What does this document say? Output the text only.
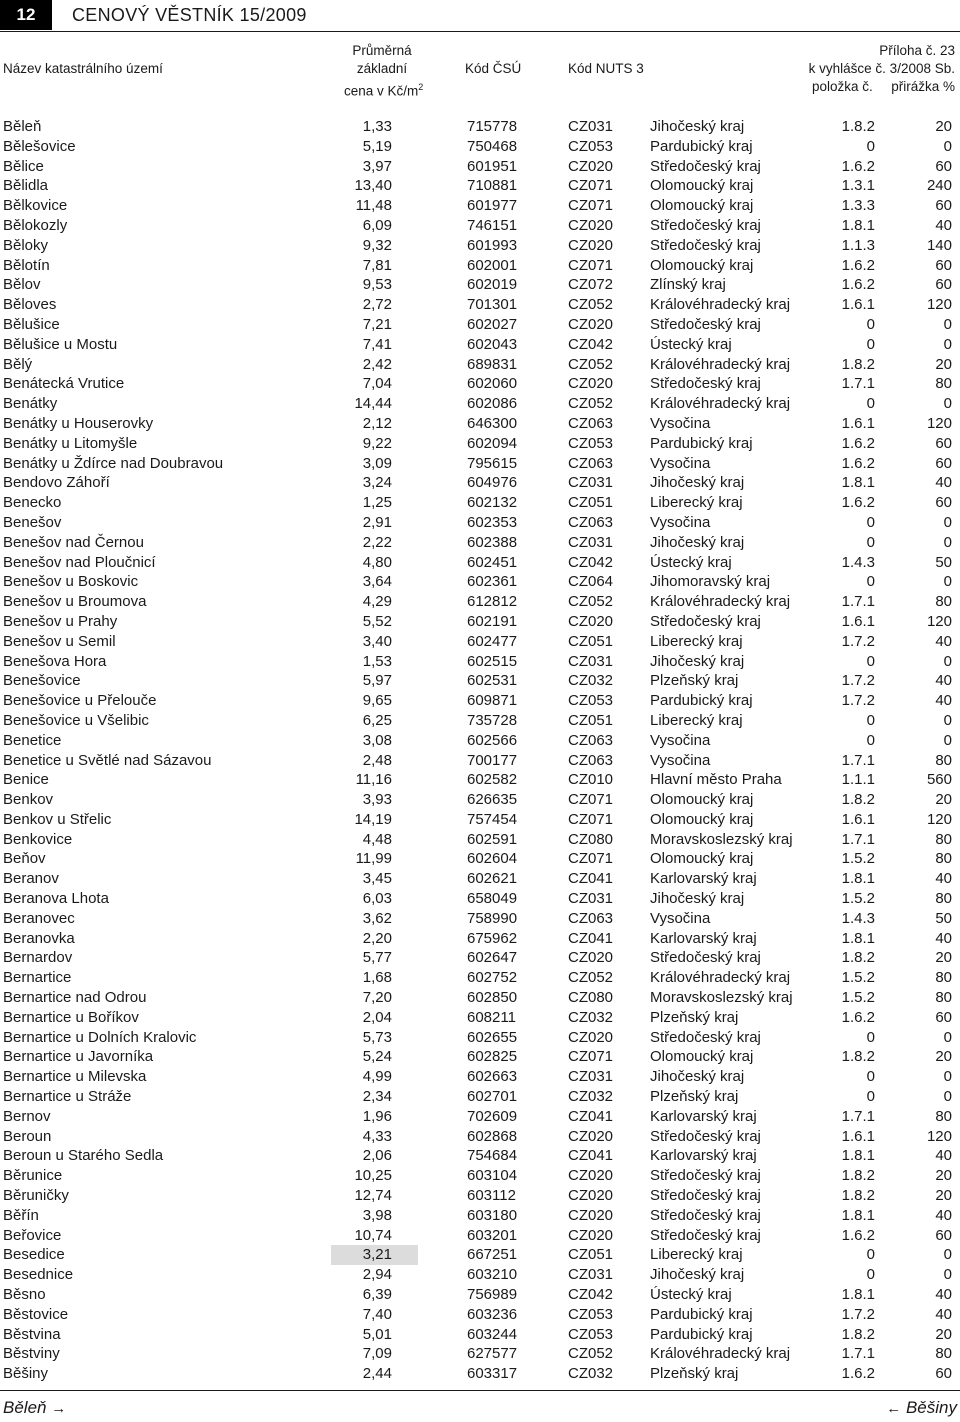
12	CENOVÝ VĚSTNÍK 15/2009
Název katastrálního území
Průměrná
základní
cena v $Kč/m^2$
Kód ČSÚ	Kód NUTS 3
Příloha č. 23
k vyhlášce č. 3/2008 Sb.
položka č. přirážka %
Běleň	1,33	715778	CZ031 Jihočeský kraj	1.8.2	20
Bělešovice	5,19	750468	CZ053 Pardubický kraj	0	0
Bělice	3,97	601951	CZ020 Středočeský kraj	1.6.2	60
Bělidla	13,40	710881	CZ071 Olomoucký kraj	1.3.1	240
Bělkovice	11,48	601977	CZ071 Olomoucký kraj	1.3.3	60
Bělokozly	6,09	746151	CZ020 Středočeský kraj	1.8.1	40
Běloky	9,32	601993	CZ020 Středočeský kraj	1.1.3	140
Bělotín	7,81	602001	CZ071 Olomoucký kraj	1.6.2	60
Bělov	9,53	602019	CZ072 Zlínský kraj	1.6.2	60
Běloves	2,72	701301	CZ052 Královéhradecký kraj	1.6.1	120
Bělušice	7,21	602027	CZ020 Středočeský kraj	0	0
Bělušice u Mostu	7,41	602043	CZ042 Ústecký kraj	0	0
Bělý	2,42	689831	CZ052 Královéhradecký kraj	1.8.2	20
Benátecká Vrutice	7,04	602060	CZ020 Středočeský kraj	1.7.1	80
Benátky	14,44	602086	CZ052 Královéhradecký kraj	0	0
Benátky u Houserovky	2,12	646300	CZ063 Vysočina	1.6.1	120
Benátky u Litomyšle	9,22	602094	CZ053 Pardubický kraj	1.6.2	60
Benátky u Ždírce nad Doubravou	3,09	795615	CZ063 Vysočina	1.6.2	60
Bendovo Záhoří	3,24	604976	CZ031 Jihočeský kraj	1.8.1	40
Benecko	1,25	602132	CZ051 Liberecký kraj	1.6.2	60
Benešov	2,91	602353	CZ063 Vysočina	0	0
Benešov nad Černou	2,22	602388	CZ031 Jihočeský kraj	0	0
Benešov nad Ploučnicí	4,80	602451	CZ042 Ústecký kraj	1.4.3	50
Benešov u Boskovic	3,64	602361	CZ064 Jihomoravský kraj	0	0
Benešov u Broumova	4,29	612812	CZ052 Královéhradecký kraj	1.7.1	80
Benešov u Prahy	5,52	602191	CZ020 Středočeský kraj	1.6.1	120
Benešov u Semil	3,40	602477	CZ051 Liberecký kraj	1.7.2	40
Benešova Hora	1,53	602515	CZ031 Jihočeský kraj	0	0
Benešovice	5,97	602531	CZ032 Plzeňský kraj	1.7.2	40
Benešovice u Přelouče	9,65	609871	CZ053 Pardubický kraj	1.7.2	40
Benešovice u Všelibic	6,25	735728	CZ051 Liberecký kraj	0	0
Benetice	3,08	602566	CZ063 Vysočina	0	0
Benetice u Světlé nad Sázavou	2,48	700177	CZ063 Vysočina	1.7.1	80
Benice	11,16	602582	CZ010 Hlavní město Praha	1.1.1	560
Benkov	3,93	626635	CZ071 Olomoucký kraj	1.8.2	20
Benkov u Střelic	14,19	757454	CZ071 Olomoucký kraj	1.6.1	120
Benkovice	4,48	602591	CZ080 Moravskoslezský kraj	1.7.1	80
Beňov	11,99	602604	CZ071 Olomoucký kraj	1.5.2	80
Beranov	3,45	602621	CZ041 Karlovarský kraj	1.8.1	40
Beranova Lhota	6,03	658049	CZ031 Jihočeský kraj	1.5.2	80
Beranovec	3,62	758990	CZ063 Vysočina	1.4.3	50
Beranovka	2,20	675962	CZ041 Karlovarský kraj	1.8.1	40
Bernardov	5,77	602647	CZ020 Středočeský kraj	1.8.2	20
Bernartice	1,68	602752	CZ052 Královéhradecký kraj	1.5.2	80
Bernartice nad Odrou	7,20	602850	CZ080 Moravskoslezský kraj	1.5.2	80
Bernartice u Boříkov	2,04	608211	CZ032 Plzeňský kraj	1.6.2	60
Bernartice u Dolních Kralovic	5,73	602655	CZ020 Středočeský kraj	0	0
Bernartice u Javorníka	5,24	602825	CZ071 Olomoucký kraj	1.8.2	20
Bernartice u Milevska	4,99	602663	CZ031 Jihočeský kraj	0	0
Bernartice u Stráže	2,34	602701	CZ032 Plzeňský kraj	0	0
Bernov	1,96	702609	CZ041 Karlovarský kraj	1.7.1	80
Beroun	4,33	602868	CZ020 Středočeský kraj	1.6.1	120
Beroun u Starého Sedla	2,06	754684	CZ041 Karlovarský kraj	1.8.1	40
Běrunice	10,25	603104	CZ020 Středočeský kraj	1.8.2	20
Běruničky	12,74	603112	CZ020 Středočeský kraj	1.8.2	20
Běřín	3,98	603180	CZ020 Středočeský kraj	1.8.1	40
Beřovice	10,74	603201	CZ020 Středočeský kraj	1.6.2	60
Besedice	3,21	667251	CZ051 Liberecký kraj	0	0
Besednice	2,94	603210	CZ031 Jihočeský kraj	0	0
Běsno	6,39	756989	CZ042 Ústecký kraj	1.8.1	40
Běstovice	7,40	603236	CZ053 Pardubický kraj	1.7.2	40
Běstvina	5,01	603244	CZ053 Pardubický kraj	1.8.2	20
Běstviny	7,09	627577	CZ052 Královéhradecký kraj	1.7.1	80
Běšiny	2,44	603317	CZ032 Plzeňský kraj	1.6.2	60
Běleň →	← Běšiny
